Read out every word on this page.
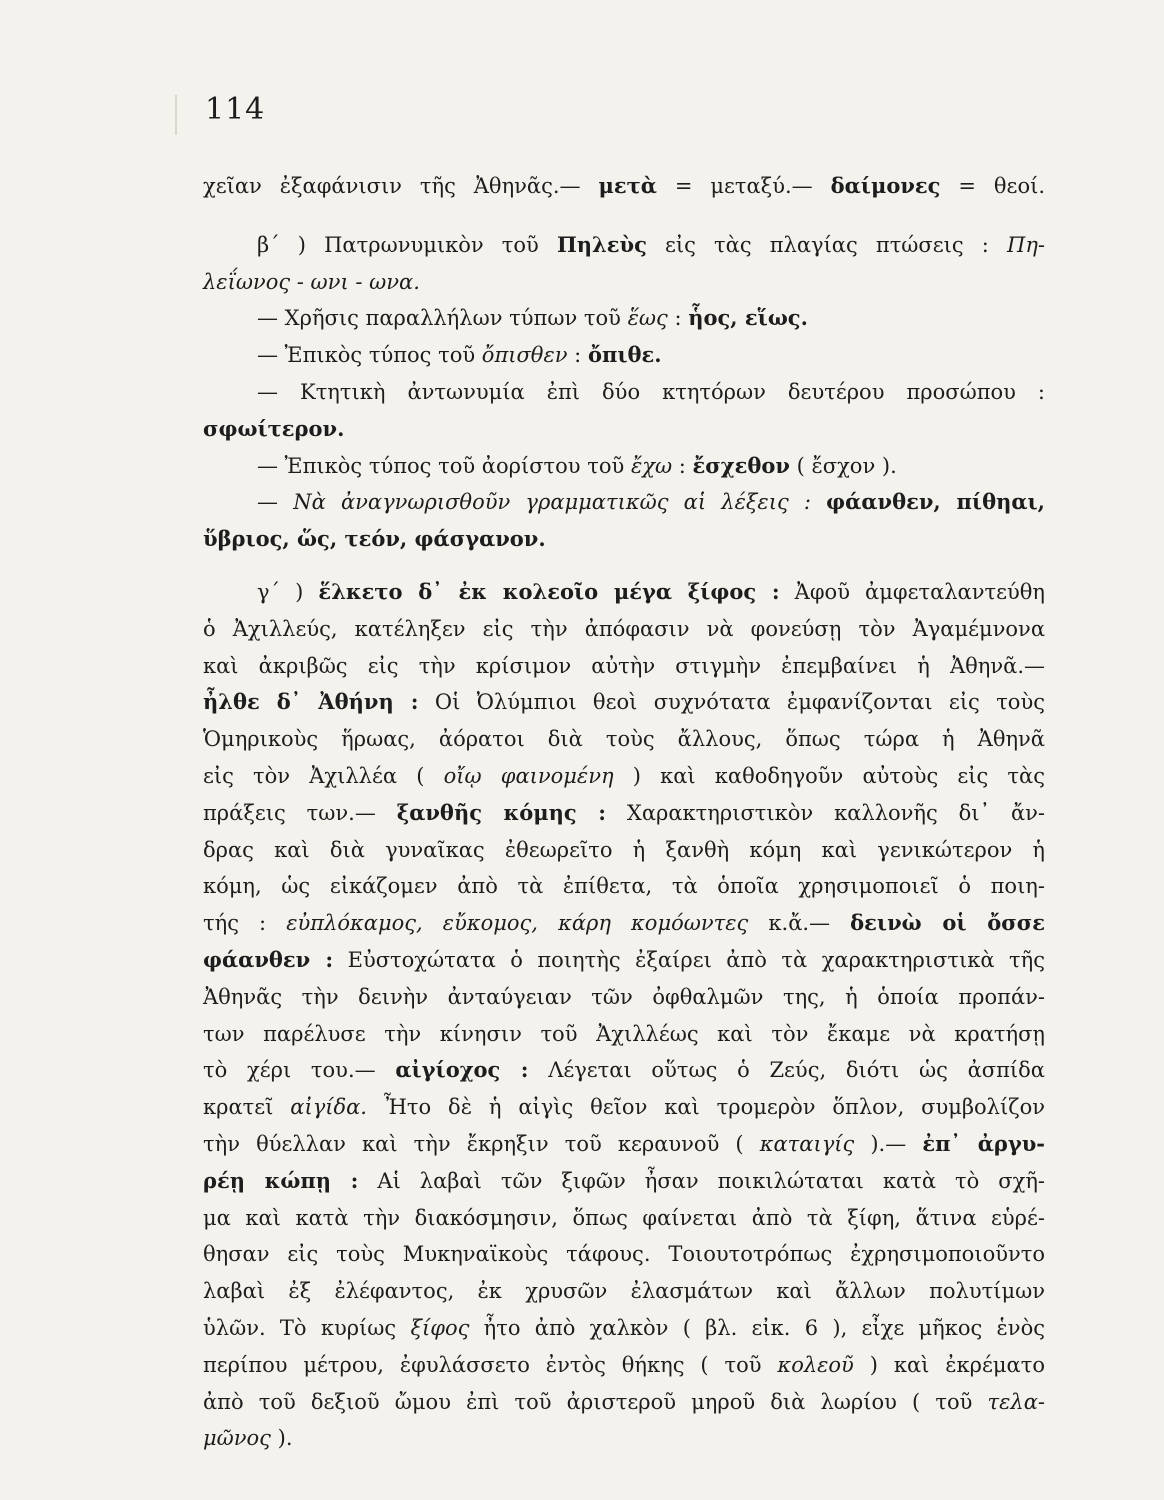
114
χεῖαν ἐξαφάνισιν τῆς Ἀθηνᾶς.— μετὰ = μεταξύ.— δαίμονες = θεοί.
β΄ ) Πατρωνυμικὸν τοῦ Πηλεὺς εἰς τὰς πλαγίας πτώσεις : Πη-
λεΐωνος - ωνι - ωνα.
— Χρῆσις παραλλήλων τύπων τοῦ ἕως : ἧος, εἵως.
— Ἐπικὸς τύπος τοῦ ὄπισθεν : ὄπιθε.
— Κτητικὴ ἀντωνυμία ἐπὶ δύο κτητόρων δευτέρου προσώπου :
σφωίτερον.
— Ἐπικὸς τύπος τοῦ ἀορίστου τοῦ ἔχω : ἔσχεθον ( ἔσχον ).
— Νὰ ἀναγνωρισθοῦν γραμματικῶς αἱ λέξεις : φάανθεν, πίθηαι,
ὕβριος, ὥς, τεόν, φάσγανον.
γ΄ ) ἕλκετο δ᾽ ἐκ κολεοῖο μέγα ξίφος : Ἀφοῦ ἀμφεταλαντεύθη
ὁ Ἀχιλλεύς, κατέληξεν εἰς τὴν ἀπόφασιν νὰ φονεύσῃ τὸν Ἀγαμέμνονα
καὶ ἀκριβῶς εἰς τὴν κρίσιμον αὐτὴν στιγμὴν ἐπεμβαίνει ἡ Ἀθηνᾶ.—
ἦλθε δ᾽ Ἀθήνη : Οἱ Ὀλύμπιοι θεοὶ συχνότατα ἐμφανίζονται εἰς τοὺς
Ὁμηρικοὺς ἥρωας, ἀόρατοι διὰ τοὺς ἄλλους, ὅπως τώρα ἡ Ἀθηνᾶ
εἰς τὸν Ἀχιλλέα ( οἴῳ φαινομένη ) καὶ καθοδηγοῦν αὐτοὺς εἰς τὰς
πράξεις των.— ξανθῆς κόμης : Χαρακτηριστικὸν καλλονῆς δι᾽ ἄν-
δρας καὶ διὰ γυναῖκας ἐθεωρεῖτο ἡ ξανθὴ κόμη καὶ γενικώτερον ἡ
κόμη, ὡς εἰκάζομεν ἀπὸ τὰ ἐπίθετα, τὰ ὁποῖα χρησιμοποιεῖ ὁ ποιη-
τής : εὐπλόκαμος, εὔκομος, κάρη κομόωντες κ.ἄ.— δεινὼ οἱ ὄσσε
φάανθεν : Εὐστοχώτατα ὁ ποιητὴς ἐξαίρει ἀπὸ τὰ χαρακτηριστικὰ τῆς
Ἀθηνᾶς τὴν δεινὴν ἀνταύγειαν τῶν ὀφθαλμῶν της, ἡ ὁποία προπάν-
των παρέλυσε τὴν κίνησιν τοῦ Ἀχιλλέως καὶ τὸν ἔκαμε νὰ κρατήσῃ
τὸ χέρι του.— αἰγίοχος : Λέγεται οὕτως ὁ Ζεύς, διότι ὡς ἀσπίδα
κρατεῖ αἰγίδα. Ἦτο δὲ ἡ αἰγὶς θεῖον καὶ τρομερὸν ὅπλον, συμβολίζον
τὴν θύελλαν καὶ τὴν ἔκρηξιν τοῦ κεραυνοῦ ( καταιγίς ).— ἐπ᾽ ἀργυ-
ρέῃ κώπῃ : Αἱ λαβαὶ τῶν ξιφῶν ἦσαν ποικιλώταται κατὰ τὸ σχῆ-
μα καὶ κατὰ τὴν διακόσμησιν, ὅπως φαίνεται ἀπὸ τὰ ξίφη, ἅτινα εὑρέ-
θησαν εἰς τοὺς Μυκηναϊκοὺς τάφους. Τοιουτοτρόπως ἐχρησιμοποιοῦντο
λαβαὶ ἐξ ἐλέφαντος, ἐκ χρυσῶν ἐλασμάτων καὶ ἄλλων πολυτίμων
ὑλῶν. Τὸ κυρίως ξίφος ἦτο ἀπὸ χαλκὸν ( βλ. εἰκ. 6 ), εἶχε μῆκος ἑνὸς
περίπου μέτρου, ἐφυλάσσετο ἐντὸς θήκης ( τοῦ κολεοῦ ) καὶ ἐκρέματο
ἀπὸ τοῦ δεξιοῦ ὤμου ἐπὶ τοῦ ἀριστεροῦ μηροῦ διὰ λωρίου ( τοῦ τελα-
μῶνος ).
